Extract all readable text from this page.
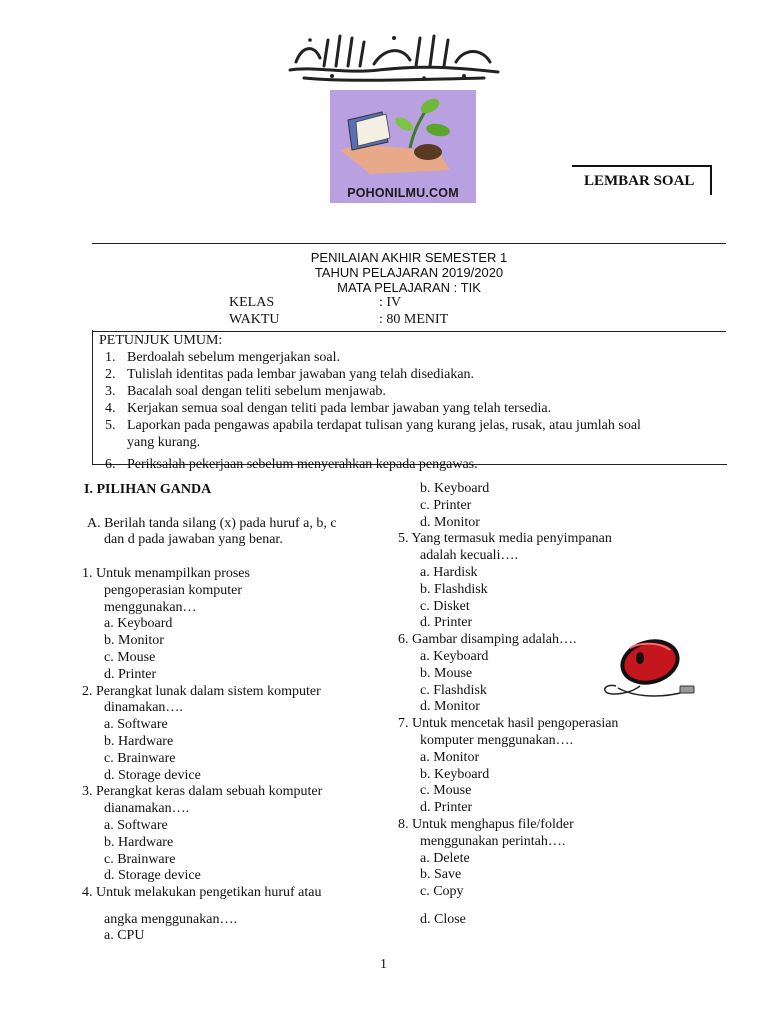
POHONILMU.COM
LEMBAR SOAL
PENILAIAN AKHIR SEMESTER 1
TAHUN PELAJARAN 2019/2020
MATA PELAJARAN : TIK
KELAS	: IV
WAKTU	: 80 MENIT
PETUNJUK UMUM:
1. Berdoalah sebelum mengerjakan soal.
2. Tulislah identitas pada lembar jawaban yang telah disediakan.
3. Bacalah soal dengan teliti sebelum menjawab.
4. Kerjakan semua soal dengan teliti pada lembar jawaban yang telah tersedia.
5. Laporkan pada pengawas apabila terdapat tulisan yang kurang jelas, rusak, atau jumlah soal
yang kurang.
6. Periksalah pekerjaan sebelum menyerahkan kepada pengawas.
I. PILIHAN GANDA
A. Berilah tanda silang (x) pada huruf a, b, c
dan d pada jawaban yang benar.
1. Untuk menampilkan proses
pengoperasian komputer
menggunakan…
a. Keyboard
b. Monitor
c. Mouse
d. Printer
2. Perangkat lunak dalam sistem komputer
dinamakan….
a. Software
b. Hardware
c. Brainware
d. Storage device
3. Perangkat keras dalam sebuah komputer
dianamakan….
a. Software
b. Hardware
c. Brainware
d. Storage device
4. Untuk melakukan pengetikan huruf atau
angka menggunakan….
a. CPU
b. Keyboard
c. Printer
d. Monitor
5. Yang termasuk media penyimpanan
adalah kecuali….
a. Hardisk
b. Flashdisk
c. Disket
d. Printer
6. Gambar disamping adalah….
a. Keyboard
b. Mouse
c. Flashdisk
d. Monitor
7. Untuk mencetak hasil pengoperasian
komputer menggunakan….
a. Monitor
b. Keyboard
c. Mouse
d. Printer
8. Untuk menghapus file/folder
menggunakan perintah….
a. Delete
b. Save
c. Copy
d. Close
1
